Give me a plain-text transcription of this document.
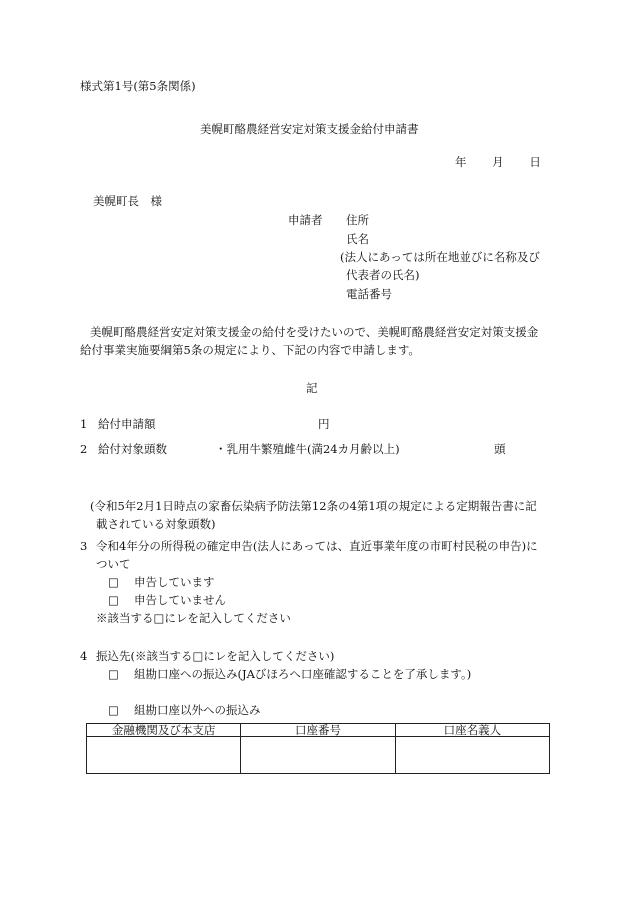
様式第1号(第5条関係)
美幌町酪農経営安定対策支援金給付申請書
年 月 日
美幌町長　様
申請者 住所
氏名
(法人にあっては所在地並びに名称及び
代表者の氏名)
電話番号
美幌町酪農経営安定対策支援金の給付を受けたいので、美幌町酪農経営安定対策支援金
給付事業実施要綱第5条の規定により、下記の内容で申請します。
記
1 給付申請額	円
2 給付対象頭数	・乳用牛繁殖雌牛(満24カ月齢以上)	頭
(令和5年2月1日時点の家畜伝染病予防法第12条の4第1項の規定による定期報告書に記
載されている対象頭数)
3 令和4年分の所得税の確定申告(法人にあっては、直近事業年度の市町村民税の申告)に
ついて
□ 申告しています
□ 申告していません
※該当する□にレを記入してください
4 振込先(※該当する□にレを記入してください)
□ 組勘口座への振込み(JAびほろへ口座確認することを了承します。)
□ 組勘口座以外への振込み
金融機関及び本支店	口座番号	口座名義人
